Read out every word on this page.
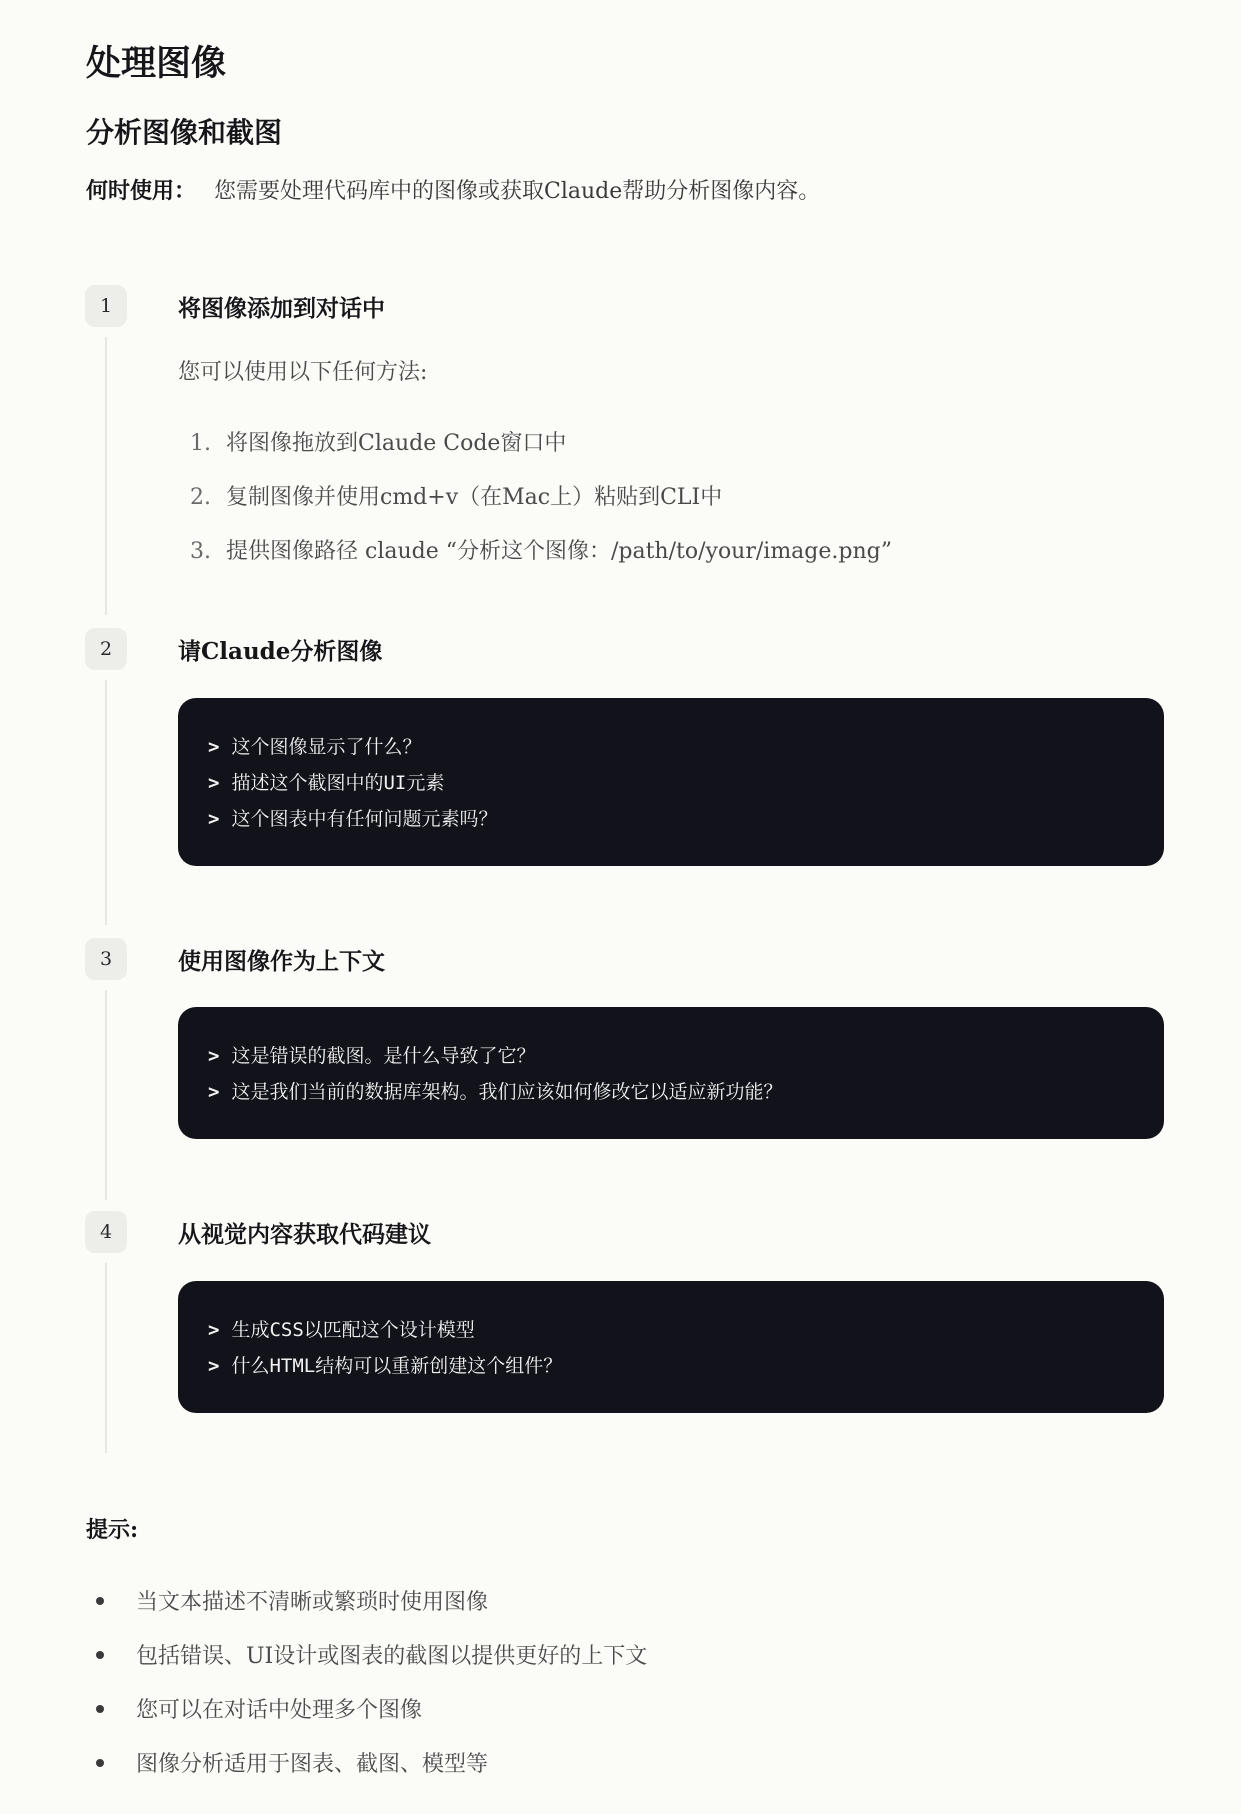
处理图像
分析图像和截图
何时使用： 您需要处理代码库中的图像或获取Claude帮助分析图像内容。
1	将图像添加到对话中
您可以使用以下任何方法:
1. 将图像拖放到Claude Code窗口中
2. 复制图像并使用cmd+v（在Mac上）粘贴到CLI中
3. 提供图像路径 claude “分析这个图像：/path/to/your/image.png”
2	请Claude分析图像
> 这个图像显示了什么？
> 描述这个截图中的UI元素
> 这个图表中有任何问题元素吗？
3	使用图像作为上下文
> 这是错误的截图。是什么导致了它？
> 这是我们当前的数据库架构。我们应该如何修改它以适应新功能？
4	从视觉内容获取代码建议
> 生成CSS以匹配这个设计模型
> 什么HTML结构可以重新创建这个组件？
提示:
当文本描述不清晰或繁琐时使用图像
包括错误、UI设计或图表的截图以提供更好的上下文
您可以在对话中处理多个图像
图像分析适用于图表、截图、模型等
